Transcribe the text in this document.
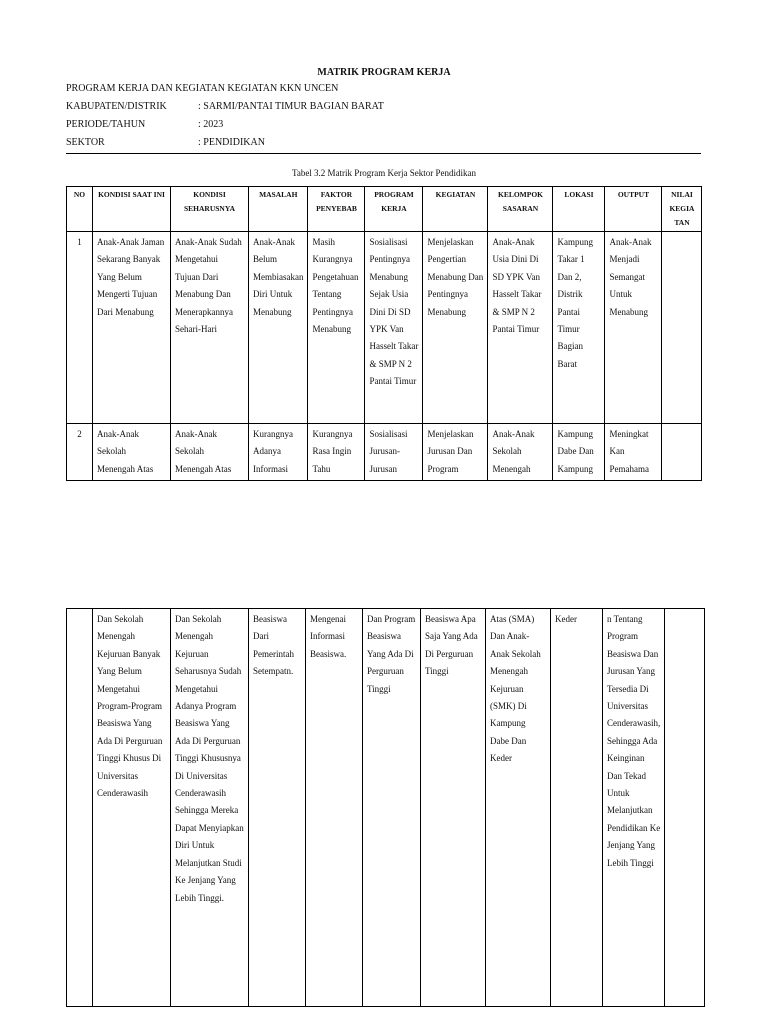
MATRIK PROGRAM KERJA
PROGRAM KERJA DAN KEGIATAN KEGIATAN KKN UNCEN
KABUPATEN/DISTRIK	: SARMI/PANTAI TIMUR BAGIAN BARAT
PERIODE/TAHUN	: 2023
SEKTOR	: PENDIDIKAN
Tabel 3.2 Matrik Program Kerja Sektor Pendidikan
NO	KONDISI SAAT INI	KONDISI SEHARUSNYA	MASALAH	FAKTOR PENYEBAB	PROGRAM KERJA	KEGIATAN	KELOMPOK SASARAN	LOKASI	OUTPUT	NILAI KEGIA TAN
1	Anak-Anak Jaman Sekarang Banyak Yang Belum Mengerti Tujuan Dari Menabung	Anak-Anak Sudah Mengetahui Tujuan Dari Menabung Dan Menerapkannya Sehari-Hari	Anak-Anak Belum Membiasakan Diri Untuk Menabung	Masih Kurangnya Pengetahuan Tentang Pentingnya Menabung	Sosialisasi Pentingnya Menabung Sejak Usia Dini Di SD YPK Van Hasselt Takar & SMP N 2 Pantai Timur	Menjelaskan Pengertian Menabung Dan Pentingnya Menabung	Anak-Anak Usia Dini Di SD YPK Van Hasselt Takar & SMP N 2 Pantai Timur	Kampung Takar 1 Dan 2, Distrik Pantai Timur Bagian Barat	Anak-Anak Menjadi Semangat Untuk Menabung	
2	Anak-Anak Sekolah Menengah Atas	Anak-Anak Sekolah Menengah Atas	Kurangnya Adanya Informasi	Kurangnya Rasa Ingin Tahu	Sosialisasi Jurusan-Jurusan	Menjelaskan Jurusan Dan Program	Anak-Anak Sekolah Menengah	Kampung Dabe Dan Kampung	Meningkat Kan Pemahama	
	Dan Sekolah Menengah Kejuruan Banyak Yang Belum Mengetahui Program-Program Beasiswa Yang Ada Di Perguruan Tinggi Khusus Di Universitas Cenderawasih	Dan Sekolah Menengah Kejuruan Seharusnya Sudah Mengetahui Adanya Program Beasiswa Yang Ada Di Perguruan Tinggi Khususnya Di Universitas Cenderawasih Sehingga Mereka Dapat Menyiapkan Diri Untuk Melanjutkan Studi Ke Jenjang Yang Lebih Tinggi.	Beasiswa Dari Pemerintah Setempatn.	Mengenai Informasi Beasiswa.	Dan Program Beasiswa Yang Ada Di Perguruan Tinggi	Beasiswa Apa Saja Yang Ada Di Perguruan Tinggi	Atas (SMA) Dan Anak-Anak Sekolah Menengah Kejuruan (SMK) Di Kampung Dabe Dan Keder	Keder	n Tentang Program Beasiswa Dan Jurusan Yang Tersedia Di Universitas Cenderawasih, Sehingga Ada Keinginan Dan Tekad Untuk Melanjutkan Pendidikan Ke Jenjang Yang Lebih Tinggi	
